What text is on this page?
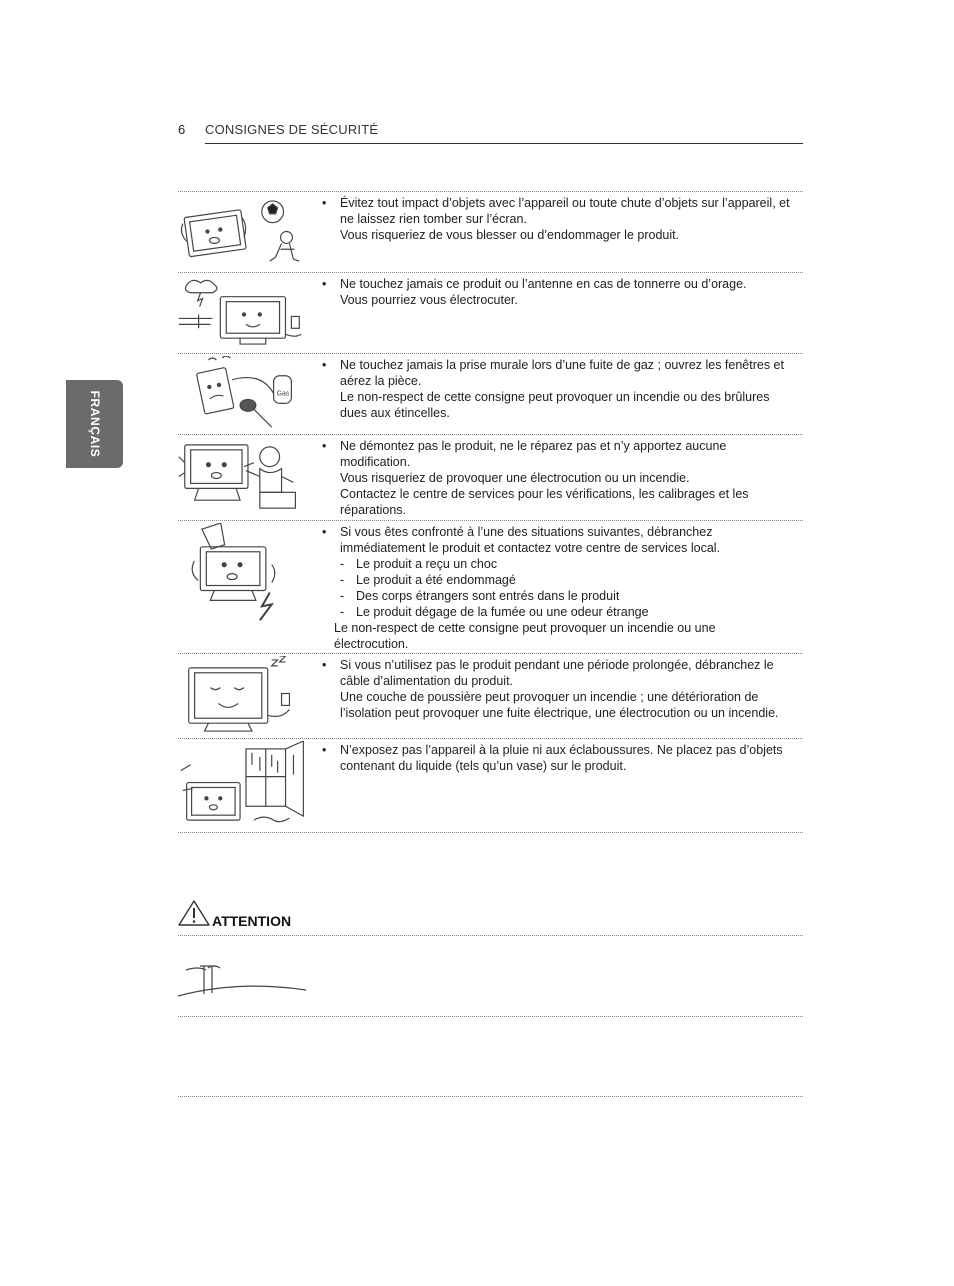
6 CONSIGNES DE SÉCURITÉ
FRANÇAIS
•	Évitez tout impact d’objets avec l’appareil ou toute chute d’objets sur l’appareil, et ne laissez rien tomber sur l’écran.

Vous risqueriez de vous blesser ou d’endommager le produit.

•	Ne touchez jamais ce produit ou l’antenne en cas de tonnerre ou d’orage.

Vous pourriez vous électrocuter.

Gas
•	Ne touchez jamais la prise murale lors d’une fuite de gaz ; ouvrez les fenêtres et aérez la pièce.

Le non-respect de cette consigne peut provoquer un incendie ou des brûlures dues aux étincelles.

•	Ne démontez pas le produit, ne le réparez pas et n’y apportez aucune modification.

Vous risqueriez de provoquer une électrocution ou un incendie.

Contactez le centre de services pour les vérifications, les calibrages et les réparations.

•	Si vous êtes confronté à l’une des situations suivantes, débranchez immédiatement le produit et contactez votre centre de services local.

- Le produit a reçu un choc
- Le produit a été endommagé
- Des corps étrangers sont entrés dans le produit
- Le produit dégage de la fumée ou une odeur étrange
Le non-respect de cette consigne peut provoquer un incendie ou une électrocution.
•	Si vous n’utilisez pas le produit pendant une période prolongée, débranchez le câble d’alimentation du produit.

Une couche de poussière peut provoquer un incendie ; une détérioration de l’isolation peut provoquer une fuite électrique, une électrocution ou un incendie.

•	N’exposez pas l’appareil à la pluie ni aux éclaboussures. Ne placez pas d’objets contenant du liquide (tels qu’un vase) sur le produit.

ATTENTION
